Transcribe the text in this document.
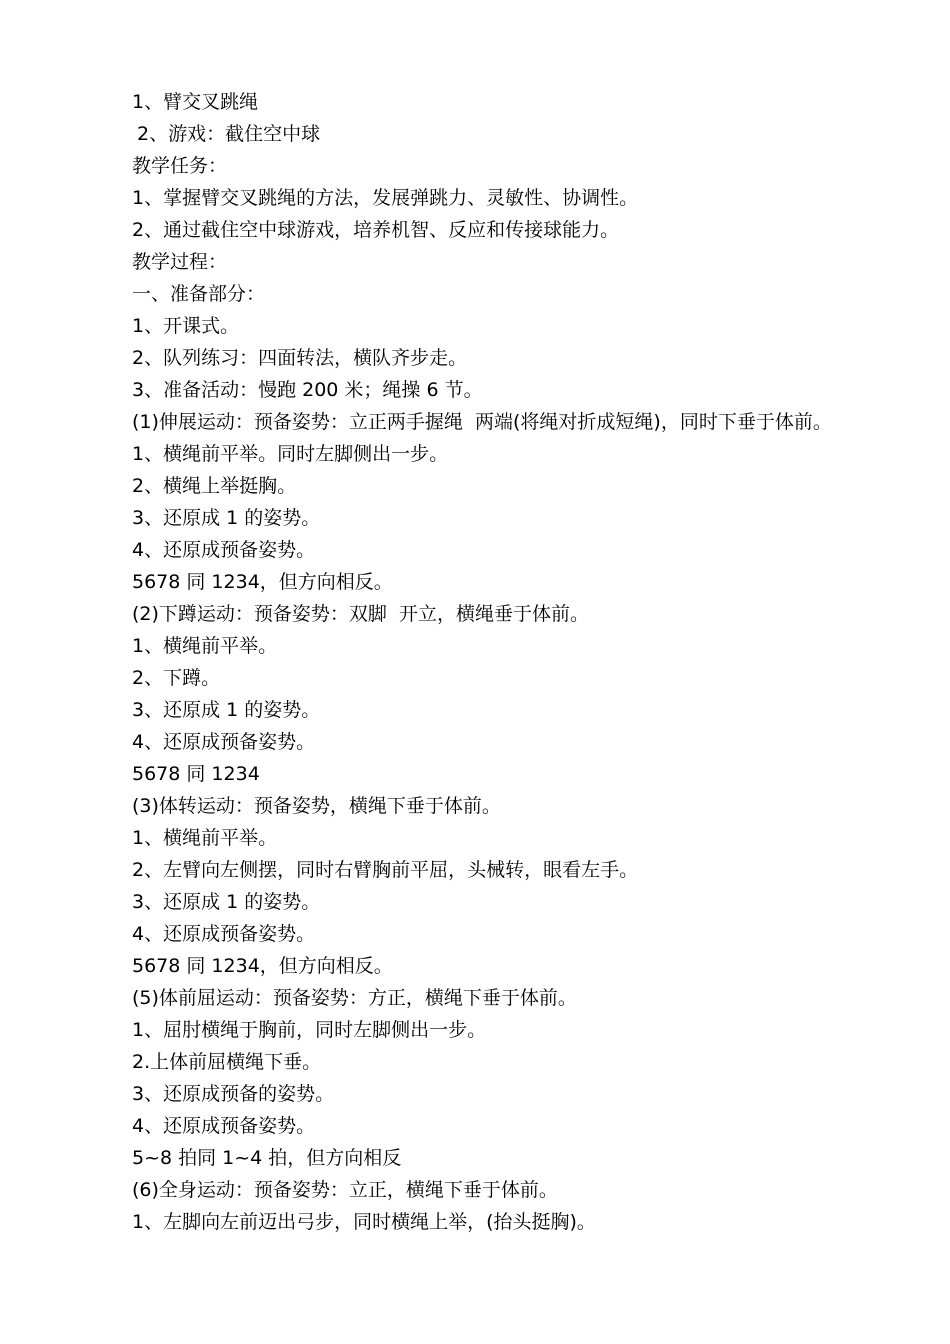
1、臂交叉跳绳
2、游戏：截住空中球
教学任务：
1、掌握臂交叉跳绳的方法，发展弹跳力、灵敏性、协调性。
2、通过截住空中球游戏，培养机智、反应和传接球能力。
教学过程：
一、准备部分：
1、开课式。
2、队列练习：四面转法，横队齐步走。
3、准备活动：慢跑 200 米；绳操 6 节。
(1)伸展运动：预备姿势：立正两手握绳  两端(将绳对折成短绳)，同时下垂于体前。
1、横绳前平举。同时左脚侧出一步。
2、横绳上举挺胸。
3、还原成 1 的姿势。
4、还原成预备姿势。
5678 同 1234，但方向相反。
(2)下蹲运动：预备姿势：双脚  开立，横绳垂于体前。
1、横绳前平举。
2、下蹲。
3、还原成 1 的姿势。
4、还原成预备姿势。
5678 同 1234
(3)体转运动：预备姿势，横绳下垂于体前。
1、横绳前平举。
2、左臂向左侧摆，同时右臂胸前平屈，头械转，眼看左手。
3、还原成 1 的姿势。
4、还原成预备姿势。
5678 同 1234，但方向相反。
(5)体前屈运动：预备姿势：方正，横绳下垂于体前。
1、屈肘横绳于胸前，同时左脚侧出一步。
2.上体前屈横绳下垂。
3、还原成预备的姿势。
4、还原成预备姿势。
5~8 拍同 1~4 拍，但方向相反
(6)全身运动：预备姿势：立正，横绳下垂于体前。
1、左脚向左前迈出弓步，同时横绳上举，(抬头挺胸)。
